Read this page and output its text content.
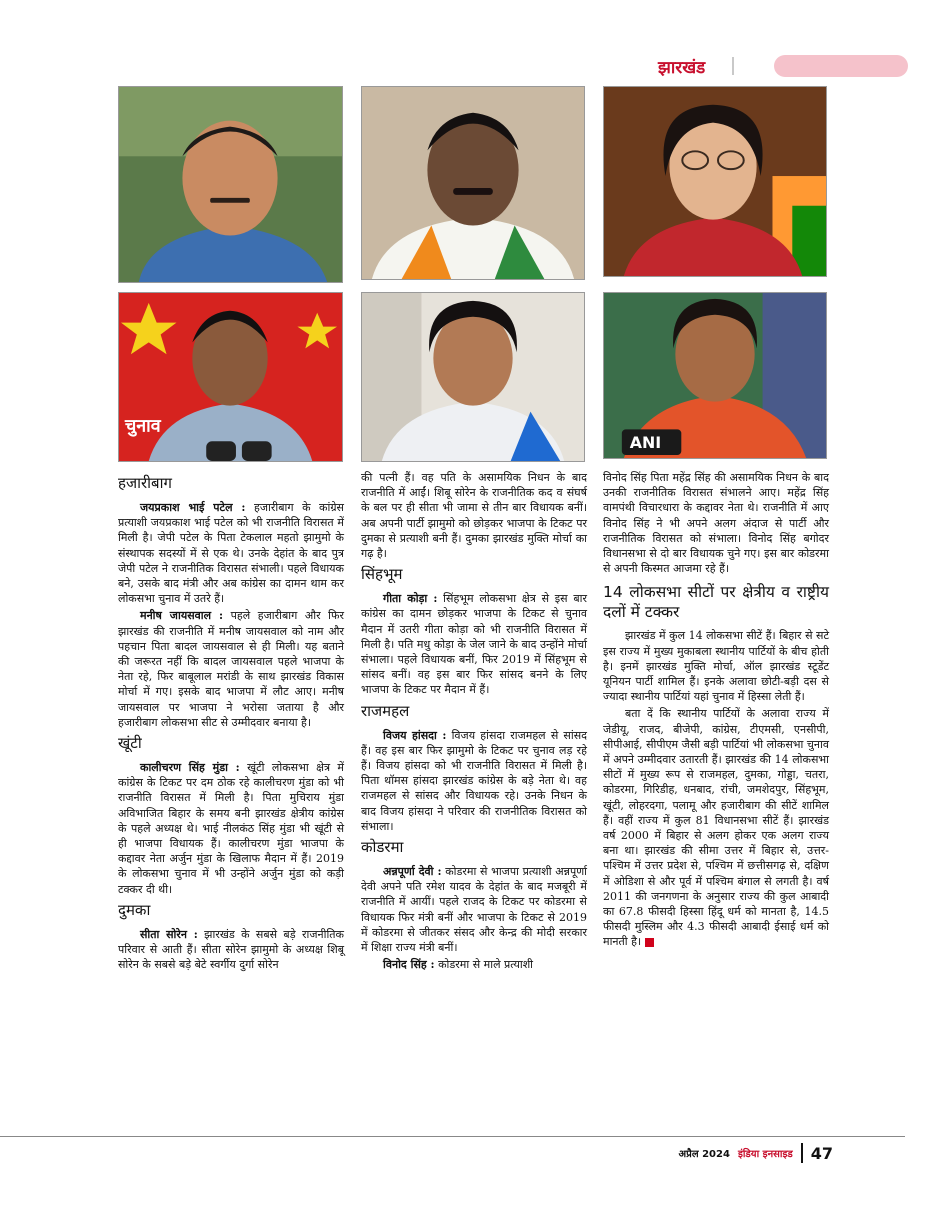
झारखंड
चुनाव
ANI
हजारीबाग

जयप्रकाश भाई पटेल : हजारीबाग के कांग्रेस प्रत्याशी जयप्रकाश भाई पटेल को भी राजनीति विरासत में मिली है। जेपी पटेल के पिता टेकलाल महतो झामुमो के संस्थापक सदस्यों में से एक थे। उनके देहांत के बाद पुत्र जेपी पटेल ने राजनीतिक विरासत संभाली। पहले विधायक बने, उसके बाद मंत्री और अब कांग्रेस का दामन थाम कर लोकसभा चुनाव में उतरे हैं।

मनीष जायसवाल : पहले हजारीबाग और फिर झारखंड की राजनीति में मनीष जायसवाल को नाम और पहचान पिता बादल जायसवाल से ही मिली। यह बताने की जरूरत नहीं कि बादल जायसवाल पहले भाजपा के नेता रहे, फिर बाबूलाल मरांडी के साथ झारखंड विकास मोर्चा में गए। इसके बाद भाजपा में लौट आए। मनीष जायसवाल पर भाजपा ने भरोसा जताया है और हजारीबाग लोकसभा सीट से उम्मीदवार बनाया है।

खूंटी

कालीचरण सिंह मुंडा : खूंटी लोकसभा क्षेत्र में कांग्रेस के टिकट पर दम ठोक रहे कालीचरण मुंडा को भी राजनीति विरासत में मिली है। पिता मुचिराय मुंडा अविभाजित बिहार के समय बनी झारखंड क्षेत्रीय कांग्रेस के पहले अध्यक्ष थे। भाई नीलकंठ सिंह मुंडा भी खूंटी से ही भाजपा विधायक हैं। कालीचरण मुंडा भाजपा के कद्दावर नेता अर्जुन मुंडा के खिलाफ मैदान में हैं। 2019 के लोकसभा चुनाव में भी उन्होंने अर्जुन मुंडा को कड़ी टक्कर दी थी।

दुमका

सीता सोरेन : झारखंड के सबसे बड़े राजनीतिक परिवार से आती हैं। सीता सोरेन झामुमो के अध्यक्ष शिबू सोरेन के सबसे बड़े बेटे स्वर्गीय दुर्गा सोरेन

की पत्नी हैं। वह पति के असामयिक निधन के बाद राजनीति में आईं। शिबू सोरेन के राजनीतिक कद व संघर्ष के बल पर ही सीता भी जामा से तीन बार विधायक बनीं। अब अपनी पार्टी झामुमो को छोड़कर भाजपा के टिकट पर दुमका से प्रत्याशी बनी हैं। दुमका झारखंड मुक्ति मोर्चा का गढ़ है।

सिंहभूम

गीता कोड़ा : सिंहभूम लोकसभा क्षेत्र से इस बार कांग्रेस का दामन छोड़कर भाजपा के टिकट से चुनाव मैदान में उतरी गीता कोड़ा को भी राजनीति विरासत में मिली है। पति मधु कोड़ा के जेल जाने के बाद उन्होंने मोर्चा संभाला। पहले विधायक बनीं, फिर 2019 में सिंहभूम से सांसद बनीं। वह इस बार फिर सांसद बनने के लिए भाजपा के टिकट पर मैदान में हैं।

राजमहल

विजय हांसदा : विजय हांसदा राजमहल से सांसद हैं। वह इस बार फिर झामुमो के टिकट पर चुनाव लड़ रहे हैं। विजय हांसदा को भी राजनीति विरासत में मिली है। पिता थॉमस हांसदा झारखंड कांग्रेस के बड़े नेता थे। वह राजमहल से सांसद और विधायक रहे। उनके निधन के बाद विजय हांसदा ने परिवार की राजनीतिक विरासत को संभाला।

कोडरमा

अन्नपूर्णा देवी : कोडरमा से भाजपा प्रत्याशी अन्नपूर्णा देवी अपने पति रमेश यादव के देहांत के बाद मजबूरी में राजनीति में आयीं। पहले राजद के टिकट पर कोडरमा से विधायक फिर मंत्री बनीं और भाजपा के टिकट से 2019 में कोडरमा से जीतकर संसद और केन्द्र की मोदी सरकार में शिक्षा राज्य मंत्री बनीं।

विनोद सिंह : कोडरमा से माले प्रत्याशी

विनोद सिंह पिता महेंद्र सिंह की असामयिक निधन के बाद उनकी राजनीतिक विरासत संभालने आए। महेंद्र सिंह वामपंथी विचारधारा के कद्दावर नेता थे। राजनीति में आए विनोद सिंह ने भी अपने अलग अंदाज से पार्टी और राजनीतिक विरासत को संभाला। विनोद सिंह बगोदर विधानसभा से दो बार विधायक चुने गए। इस बार कोडरमा से अपनी किस्मत आजमा रहे हैं।

14 लोकसभा सीटों पर क्षेत्रीय व राष्ट्रीय दलों में टक्कर

झारखंड में कुल 14 लोकसभा सीटें हैं। बिहार से सटे इस राज्य में मुख्य मुकाबला स्थानीय पार्टियों के बीच होती है। इनमें झारखंड मुक्ति मोर्चा, ऑल झारखंड स्टूडेंट यूनियन पार्टी शामिल हैं। इनके अलावा छोटी-बड़ी दस से ज्यादा स्थानीय पार्टियां यहां चुनाव में हिस्सा लेती हैं।

बता दें कि स्थानीय पार्टियों के अलावा राज्य में जेडीयू, राजद, बीजेपी, कांग्रेस, टीएमसी, एनसीपी, सीपीआई, सीपीएम जैसी बड़ी पार्टियां भी लोकसभा चुनाव में अपने उम्मीदवार उतारती हैं। झारखंड की 14 लोकसभा सीटों में मुख्य रूप से राजमहल, दुमका, गोड्डा, चतरा, कोडरमा, गिरिडीह, धनबाद, रांची, जमशेदपुर, सिंहभूम, खूंटी, लोहरदगा, पलामू और हजारीबाग की सीटें शामिल हैं। वहीं राज्य में कुल 81 विधानसभा सीटें हैं। झारखंड वर्ष 2000 में बिहार से अलग होकर एक अलग राज्य बना था। झारखंड की सीमा उत्तर में बिहार से, उत्तर-पश्चिम में उत्तर प्रदेश से, पश्चिम में छत्तीसगढ़ से, दक्षिण में ओडिशा से और पूर्व में पश्चिम बंगाल से लगती है। वर्ष 2011 की जनगणना के अनुसार राज्य की कुल आबादी का 67.8 फीसदी हिस्सा हिंदू धर्म को मानता है, 14.5 फीसदी मुस्लिम और 4.3 फीसदी आबादी ईसाई धर्म को मानती है।

अप्रैल 2024 इंडिया इनसाइड 47
